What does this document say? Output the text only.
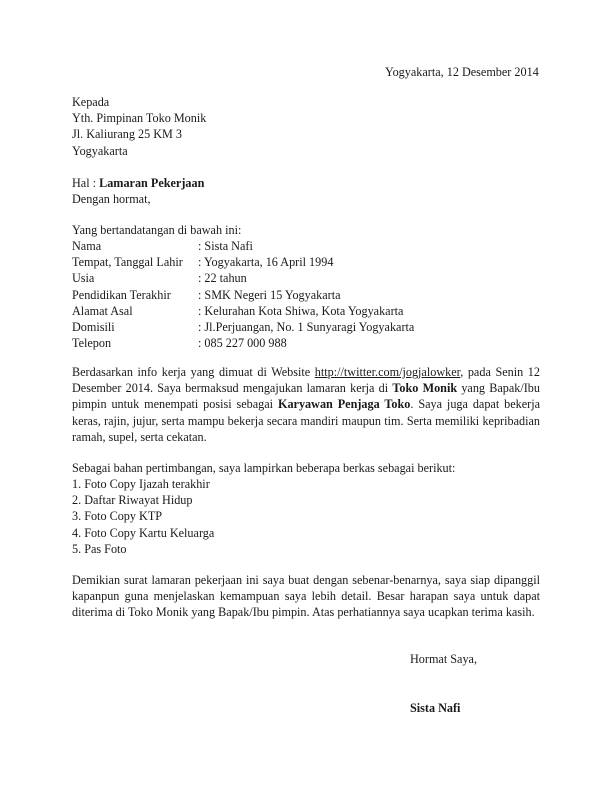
Yogyakarta, 12 Desember 2014
Kepada
Yth. Pimpinan Toko Monik
Jl. Kaliurang 25 KM 3
Yogyakarta
Hal : Lamaran Pekerjaan
Dengan hormat,
Yang bertandatangan di bawah ini:
Nama	: Sista Nafi
Tempat, Tanggal Lahir	: Yogyakarta, 16 April 1994
Usia	: 22 tahun
Pendidikan Terakhir	: SMK Negeri 15 Yogyakarta
Alamat Asal	: Kelurahan Kota Shiwa, Kota Yogyakarta
Domisili	: Jl.Perjuangan, No. 1 Sunyaragi Yogyakarta
Telepon	: 085 227 000 988
Berdasarkan info kerja yang dimuat di Website http://twitter.com/jogjalowker, pada Senin 12 Desember 2014. Saya bermaksud mengajukan lamaran kerja di Toko Monik yang Bapak/Ibu pimpin untuk menempati posisi sebagai Karyawan Penjaga Toko. Saya juga dapat bekerja keras, rajin, jujur, serta mampu bekerja secara mandiri maupun tim. Serta memiliki kepribadian ramah, supel, serta cekatan.
Sebagai bahan pertimbangan, saya lampirkan beberapa berkas sebagai berikut:
1. Foto Copy Ijazah terakhir
2. Daftar Riwayat Hidup
3. Foto Copy KTP
4. Foto Copy Kartu Keluarga
5. Pas Foto
Demikian surat lamaran pekerjaan ini saya buat dengan sebenar-benarnya, saya siap dipanggil kapanpun guna menjelaskan kemampuan saya lebih detail. Besar harapan saya untuk dapat diterima di Toko Monik yang Bapak/Ibu pimpin. Atas perhatiannya saya ucapkan terima kasih.
Hormat Saya,
Sista Nafi
